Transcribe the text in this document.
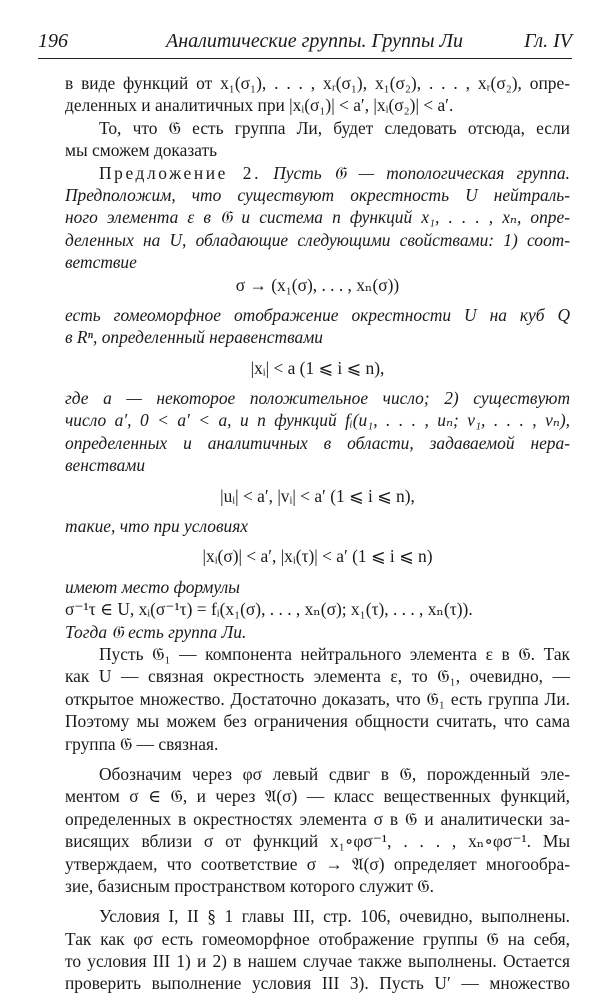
196	Аналитические группы. Группы Ли	Гл. IV
в виде функций от x₁(σ₁), . . . , xᵣ(σ₁), x₁(σ₂), . . . , xᵣ(σ₂), опре-
деленных и аналитичных при |xᵢ(σ₁)| < a′, |xᵢ(σ₂)| < a′.
То, что 𝔊 есть группа Ли, будет следовать отсюда, если
мы сможем доказать
Предложение 2. Пусть 𝔊 — топологическая группа.
Предположим, что существуют окрестность U нейтраль-
ного элемента ε в 𝔊 и система n функций x₁, . . . , xₙ, опре-
деленных на U, обладающие следующими свойствами: 1) соот-
ветствие
σ → (x₁(σ), . . . , xₙ(σ))
есть гомеоморфное отображение окрестности U на куб Q
в Rⁿ, определенный неравенствами
|xᵢ| < a (1 ⩽ i ⩽ n),
где a — некоторое положительное число; 2) существуют
число a′, 0 < a′ < a, и n функций fᵢ(u₁, . . . , uₙ; v₁, . . . , vₙ),
определенных и аналитичных в области, задаваемой нера-
венствами
|uᵢ| < a′, |vᵢ| < a′ (1 ⩽ i ⩽ n),
такие, что при условиях
|xᵢ(σ)| < a′, |xᵢ(τ)| < a′ (1 ⩽ i ⩽ n)
имеют место формулы
σ⁻¹τ ∈ U, xᵢ(σ⁻¹τ) = fᵢ(x₁(σ), . . . , xₙ(σ); x₁(τ), . . . , xₙ(τ)).
Тогда 𝔊 есть группа Ли.
Пусть 𝔊₁ — компонента нейтрального элемента ε в 𝔊. Так
как U — связная окрестность элемента ε, то 𝔊₁, очевидно, —
открытое множество. Достаточно доказать, что 𝔊₁ есть группа Ли.
Поэтому мы можем без ограничения общности считать, что сама
группа 𝔊 — связная.
Обозначим через φσ левый сдвиг в 𝔊, порожденный эле-
ментом σ ∈ 𝔊, и через 𝔄(σ) — класс вещественных функций,
определенных в окрестностях элемента σ в 𝔊 и аналитически за-
висящих вблизи σ от функций x₁∘φσ⁻¹, . . . , xₙ∘φσ⁻¹. Мы
утверждаем, что соответствие σ → 𝔄(σ) определяет многообра-
зие, базисным пространством которого служит 𝔊.
Условия I, II § 1 главы III, стр. 106, очевидно, выполнены.
Так как φσ есть гомеоморфное отображение группы 𝔊 на себя,
то условия III 1) и 2) в нашем случае также выполнены. Остается
проверить выполнение условия III 3). Пусть U′ — множество
